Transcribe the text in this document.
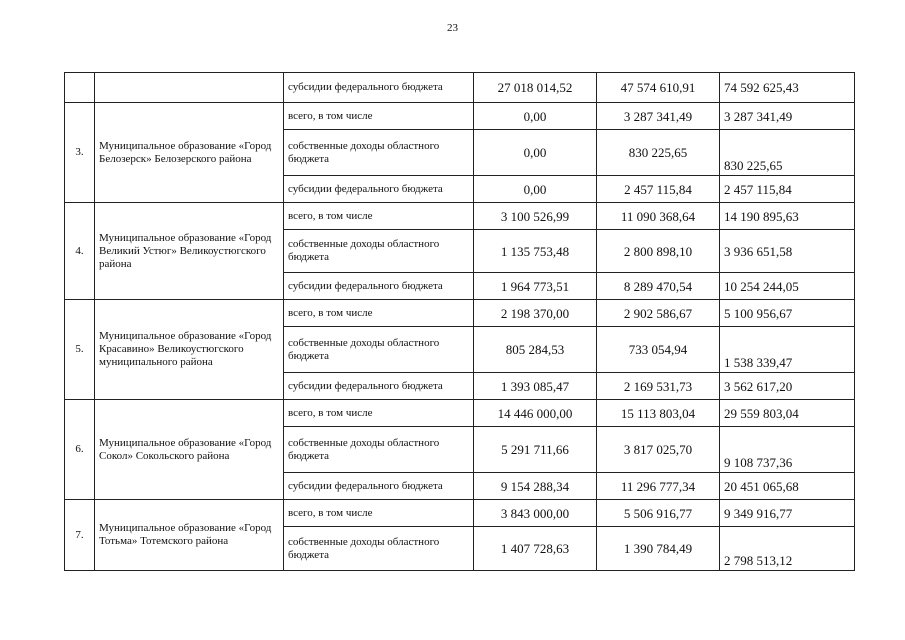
23
		субсидии федерального бюджета	27 018 014,52	47 574 610,91	74 592 625,43
3.	Муниципальное образование «Город Белозерск» Белозерского района	всего, в том числе	0,00	3 287 341,49	3 287 341,49
		собственные доходы областного бюджета	0,00	830 225,65	830 225,65
		субсидии федерального бюджета	0,00	2 457 115,84	2 457 115,84
4.	Муниципальное образование «Город Великий Устюг» Великоустюгского района	всего, в том числе	3 100 526,99	11 090 368,64	14 190 895,63
		собственные доходы областного бюджета	1 135 753,48	2 800 898,10	3 936 651,58
		субсидии федерального бюджета	1 964 773,51	8 289 470,54	10 254 244,05
5.	Муниципальное образование «Город Красавино» Великоустюгского муниципального района	всего, в том числе	2 198 370,00	2 902 586,67	5 100 956,67
		собственные доходы областного бюджета	805 284,53	733 054,94	1 538 339,47
		субсидии федерального бюджета	1 393 085,47	2 169 531,73	3 562 617,20
6.	Муниципальное образование «Город Сокол» Сокольского района	всего, в том числе	14 446 000,00	15 113 803,04	29 559 803,04
		собственные доходы областного бюджета	5 291 711,66	3 817 025,70	9 108 737,36
		субсидии федерального бюджета	9 154 288,34	11 296 777,34	20 451 065,68
7.	Муниципальное образование «Город Тотьма» Тотемского района	всего, в том числе	3 843 000,00	5 506 916,77	9 349 916,77
		собственные доходы областного бюджета	1 407 728,63	1 390 784,49	2 798 513,12
